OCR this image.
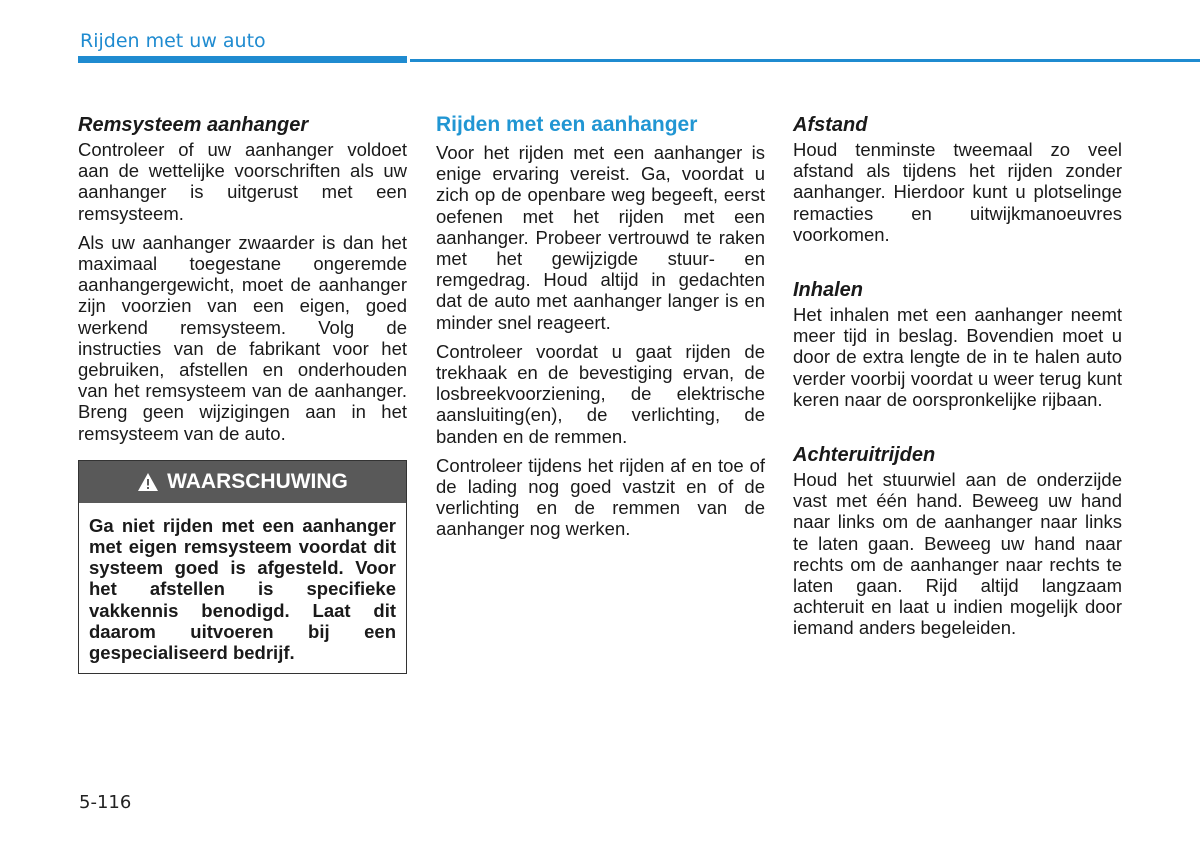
Rijden met uw auto
Remsysteem aanhanger

Controleer of uw aanhanger voldoet aan de wettelijke voorschriften als uw aanhanger is uitgerust met een remsysteem.

Als uw aanhanger zwaarder is dan het maximaal toegestane ongeremde aanhangergewicht, moet de aanhanger zijn voorzien van een eigen, goed werkend remsysteem. Volg de instructies van de fabrikant voor het gebruiken, afstellen en onderhouden van het remsysteem van de aanhanger. Breng geen wijzigingen aan in het remsysteem van de auto.

WAARSCHUWING
Ga niet rijden met een aanhanger met eigen remsysteem voordat dit systeem goed is afgesteld. Voor het afstellen is specifieke vakkennis benodigd. Laat dit daarom uitvoeren bij een gespecialiseerd bedrijf.
Rijden met een aanhanger

Voor het rijden met een aanhanger is enige ervaring vereist. Ga, voordat u zich op de openbare weg begeeft, eerst oefenen met het rijden met een aanhanger. Probeer vertrouwd te raken met het gewijzigde stuur- en remgedrag. Houd altijd in gedachten dat de auto met aanhanger langer is en minder snel reageert.

Controleer voordat u gaat rijden de trekhaak en de bevestiging ervan, de losbreekvoorziening, de elektrische aansluiting(en), de verlichting, de banden en de remmen.

Controleer tijdens het rijden af en toe of de lading nog goed vastzit en of de verlichting en de remmen van de aanhanger nog werken.

Afstand

Houd tenminste tweemaal zo veel afstand als tijdens het rijden zonder aanhanger. Hierdoor kunt u plotselinge remacties en uitwijkmanoeuvres voorkomen.

Inhalen

Het inhalen met een aanhanger neemt meer tijd in beslag. Bovendien moet u door de extra lengte de in te halen auto verder voorbij voordat u weer terug kunt keren naar de oorspronkelijke rijbaan.

Achteruitrijden

Houd het stuurwiel aan de onderzijde vast met één hand. Beweeg uw hand naar links om de aanhanger naar links te laten gaan. Beweeg uw hand naar rechts om de aanhanger naar rechts te laten gaan. Rijd altijd langzaam achteruit en laat u indien mogelijk door iemand anders begeleiden.

5-116
